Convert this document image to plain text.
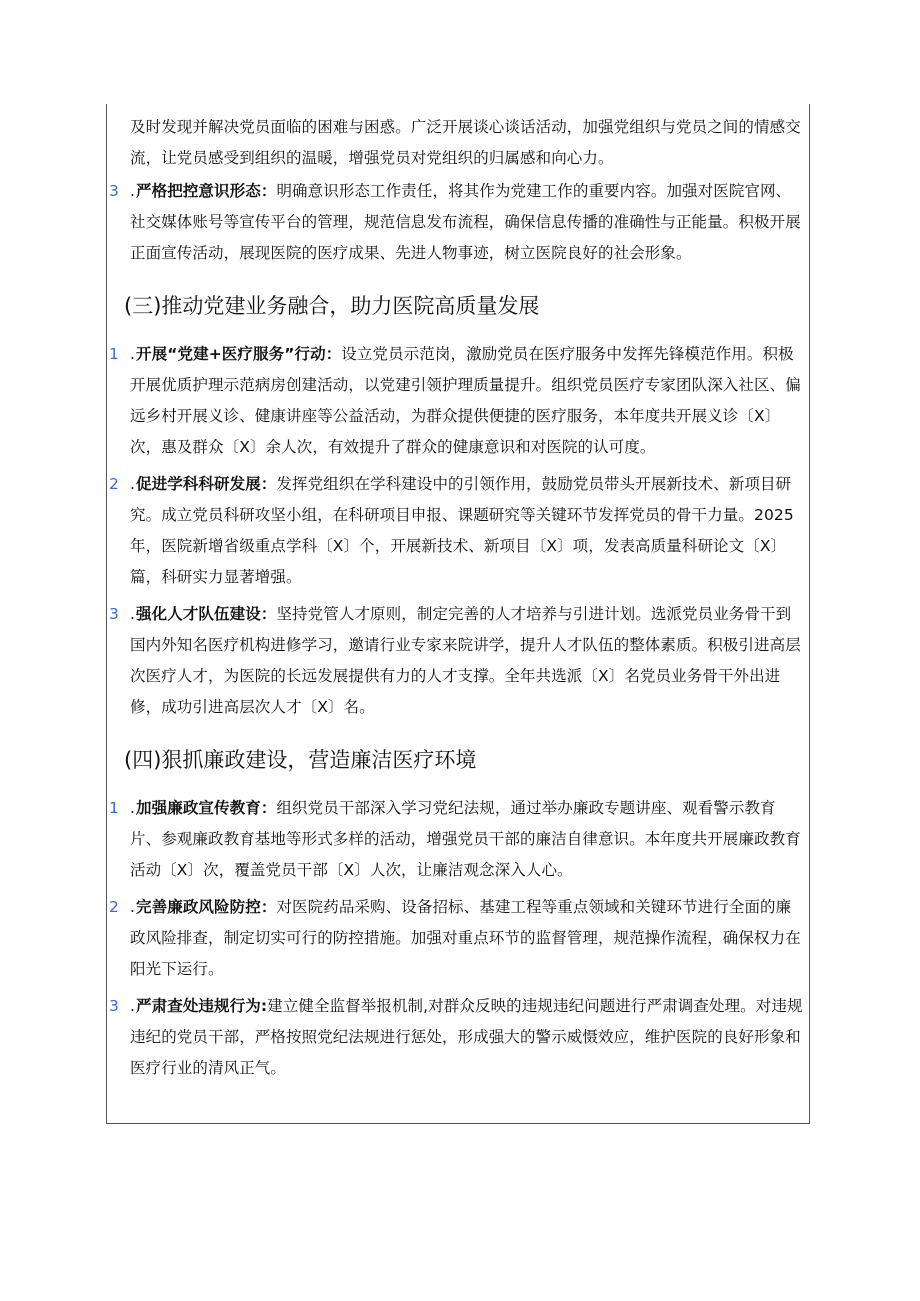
及时发现并解决党员面临的困难与困惑。广泛开展谈心谈话活动，加强党组织与党员之间的情感交流，让党员感受到组织的温暖，增强党员对党组织的归属感和向心力。

3 .严格把控意识形态：明确意识形态工作责任，将其作为党建工作的重要内容。加强对医院官网、社交媒体账号等宣传平台的管理，规范信息发布流程，确保信息传播的准确性与正能量。积极开展正面宣传活动，展现医院的医疗成果、先进人物事迹，树立医院良好的社会形象。
(三)推动党建业务融合，助力医院高质量发展
1 .开展“党建+医疗服务”行动：设立党员示范岗，激励党员在医疗服务中发挥先锋模范作用。积极开展优质护理示范病房创建活动，以党建引领护理质量提升。组织党员医疗专家团队深入社区、偏远乡村开展义诊、健康讲座等公益活动，为群众提供便捷的医疗服务，本年度共开展义诊〔X〕次，惠及群众〔X〕余人次，有效提升了群众的健康意识和对医院的认可度。
2 .促进学科科研发展：发挥党组织在学科建设中的引领作用，鼓励党员带头开展新技术、新项目研究。成立党员科研攻坚小组，在科研项目申报、课题研究等关键环节发挥党员的骨干力量。2025年，医院新增省级重点学科〔X〕个，开展新技术、新项目〔X〕项，发表高质量科研论文〔X〕篇，科研实力显著增强。
3 .强化人才队伍建设：坚持党管人才原则，制定完善的人才培养与引进计划。选派党员业务骨干到国内外知名医疗机构进修学习，邀请行业专家来院讲学，提升人才队伍的整体素质。积极引进高层次医疗人才，为医院的长远发展提供有力的人才支撑。全年共选派〔X〕名党员业务骨干外出进修，成功引进高层次人才〔X〕名。
(四)狠抓廉政建设，营造廉洁医疗环境
1 .加强廉政宣传教育：组织党员干部深入学习党纪法规，通过举办廉政专题讲座、观看警示教育片、参观廉政教育基地等形式多样的活动，增强党员干部的廉洁自律意识。本年度共开展廉政教育活动〔X〕次，覆盖党员干部〔X〕人次，让廉洁观念深入人心。
2 .完善廉政风险防控：对医院药品采购、设备招标、基建工程等重点领域和关键环节进行全面的廉政风险排查，制定切实可行的防控措施。加强对重点环节的监督管理，规范操作流程，确保权力在阳光下运行。
3 .严肃查处违规行为:建立健全监督举报机制,对群众反映的违规违纪问题进行严肃调查处理。对违规违纪的党员干部，严格按照党纪法规进行惩处，形成强大的警示威慑效应，维护医院的良好形象和医疗行业的清风正气。
